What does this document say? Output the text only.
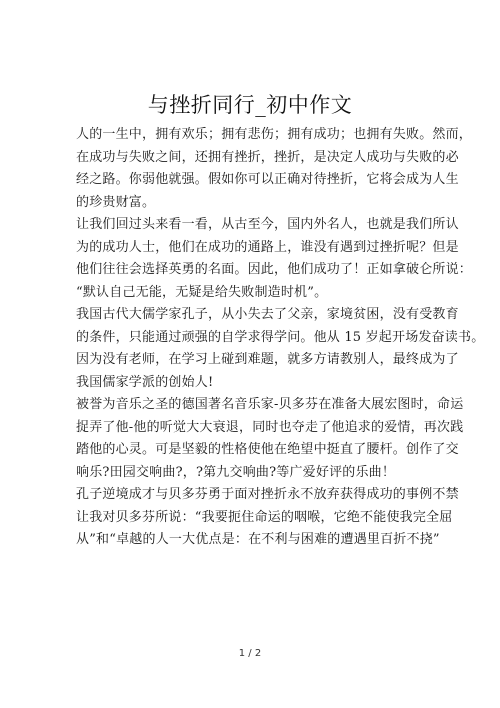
与挫折同行_初中作文
人的一生中，拥有欢乐；拥有悲伤；拥有成功；也拥有失败。然而，
在成功与失败之间，还拥有挫折，挫折，是决定人成功与失败的必
经之路。你弱他就强。假如你可以正确对待挫折，它将会成为人生
的珍贵财富。
让我们回过头来看一看，从古至今，国内外名人，也就是我们所认
为的成功人士，他们在成功的通路上，谁没有遇到过挫折呢？但是
他们往往会选择英勇的名面。因此，他们成功了！正如拿破仑所说：
“默认自己无能，无疑是给失败制造时机”。
我国古代大儒学家孔子，从小失去了父亲，家境贫困，没有受教育
的条件，只能通过顽强的自学求得学问。他从 15 岁起开场发奋读书。
因为没有老师，在学习上碰到难题，就多方请教别人，最终成为了
我国儒家学派的创始人!
被誉为音乐之圣的德国著名音乐家-贝多芬在准备大展宏图时，命运
捉弄了他-他的听觉大大衰退，同时也夺走了他追求的爱情，再次践
踏他的心灵。可是坚毅的性格使他在绝望中挺直了腰杆。创作了交
响乐?田园交响曲?，?第九交响曲?等广爱好评的乐曲！
孔子逆境成才与贝多芬勇于面对挫折永不放弃获得成功的事例不禁
让我对贝多芬所说：“我要扼住命运的咽喉，它绝不能使我完全屈
从”和“卓越的人一大优点是：在不利与困难的遭遇里百折不挠”
1 / 2
